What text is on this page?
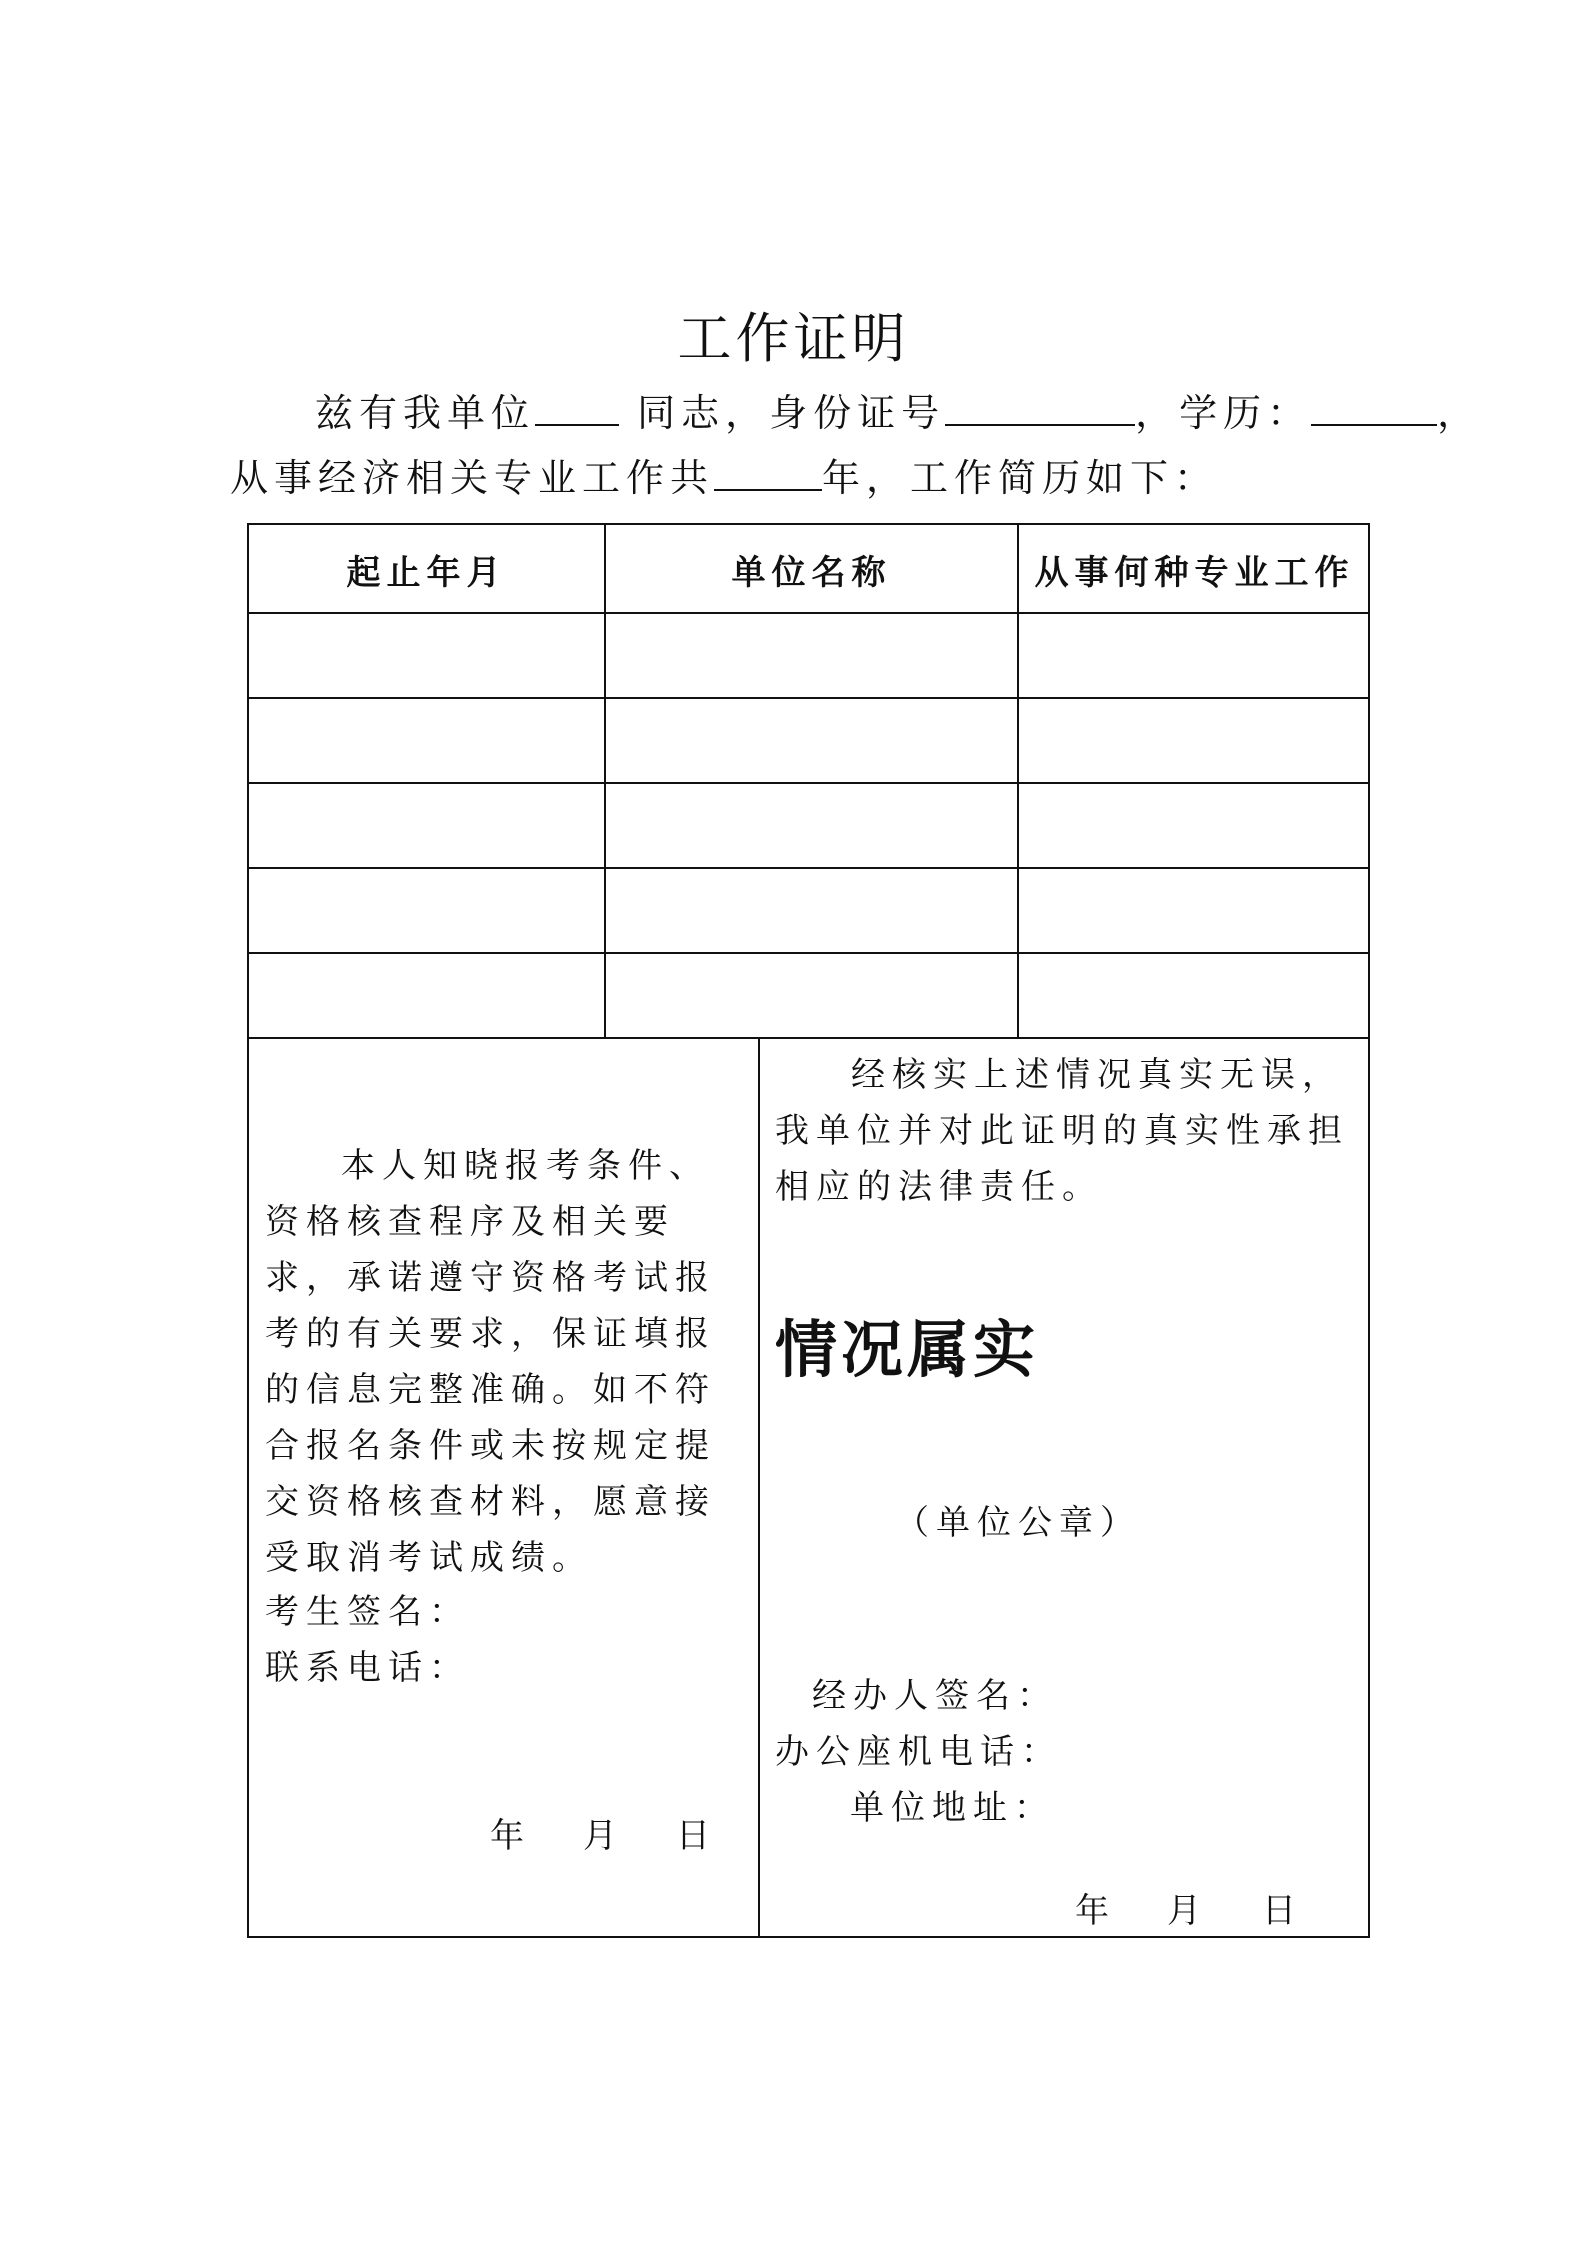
工作证明
兹有我单位	同志，身份证号	，学历：	，
从事经济相关专业工作共	年，工作简历如下：
起止年月	单位名称	从事何种专业工作
本人知晓报考条件、资格核查程序及相关要求，承诺遵守资格考试报考的有关要求，保证填报的信息完整准确。如不符合报名条件或未按规定提交资格核查材料，愿意接受取消考试成绩。
考生签名：
联系电话：
年 月 日
经核实上述情况真实无误，我单位并对此证明的真实性承担相应的法律责任。
情况属实
（单位公章）
经办人签名：
办公座机电话：
单位地址：
年 月 日
